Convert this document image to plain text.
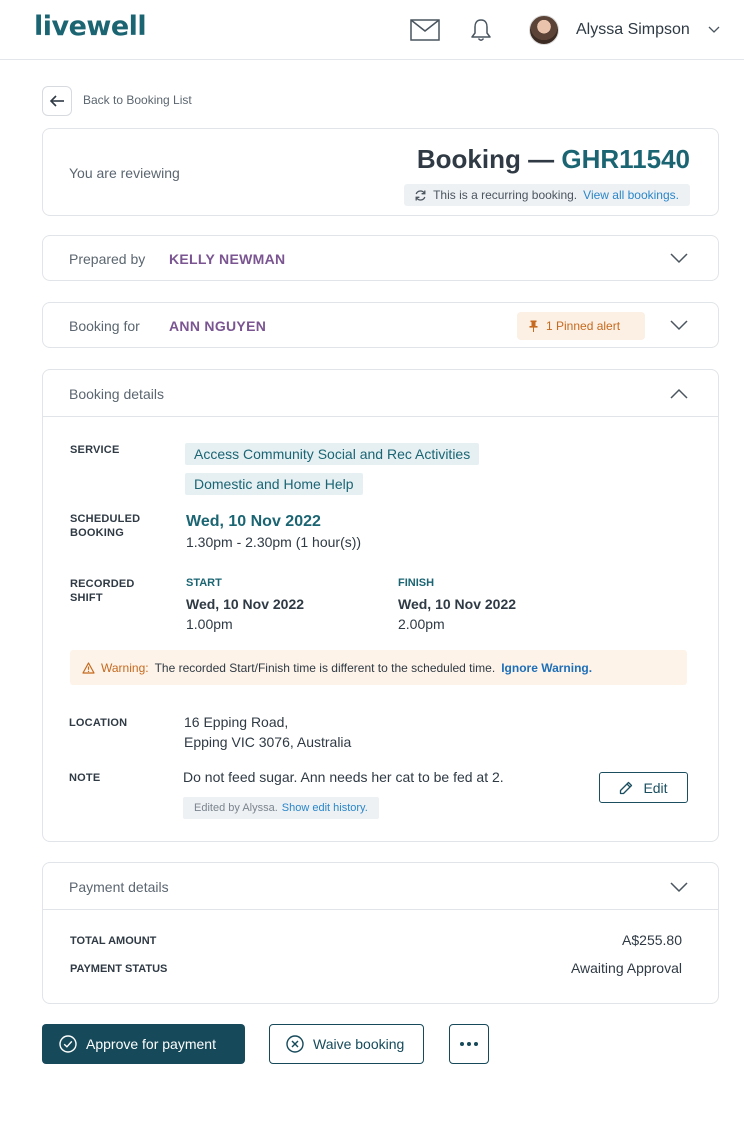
livewell	Alyssa Simpson
Back to Booking List
You are reviewing	Booking — GHR11540
This is a recurring booking. View all bookings.
Prepared by KELLY NEWMAN
Booking for ANN NGUYEN	1 Pinned alert
Booking details
SERVICE	Access Community Social and Rec Activities
Domestic and Home Help
SCHEDULED
BOOKING
Wed, 10 Nov 2022
1.30pm - 2.30pm (1 hour(s))
RECORDED
SHIFT
START
Wed, 10 Nov 2022
1.00pm
FINISH
Wed, 10 Nov 2022
2.00pm
Warning: The recorded Start/Finish time is different to the scheduled time. Ignore Warning.
LOCATION	16 Epping Road,
Epping VIC 3076, Australia
NOTE	Do not feed sugar. Ann needs her cat to be fed at 2.
Edited by Alyssa. Show edit history.
Edit
Payment details
TOTAL AMOUNT	A$255.80
PAYMENT STATUS	Awaiting Approval
Approve for payment	Waive booking
